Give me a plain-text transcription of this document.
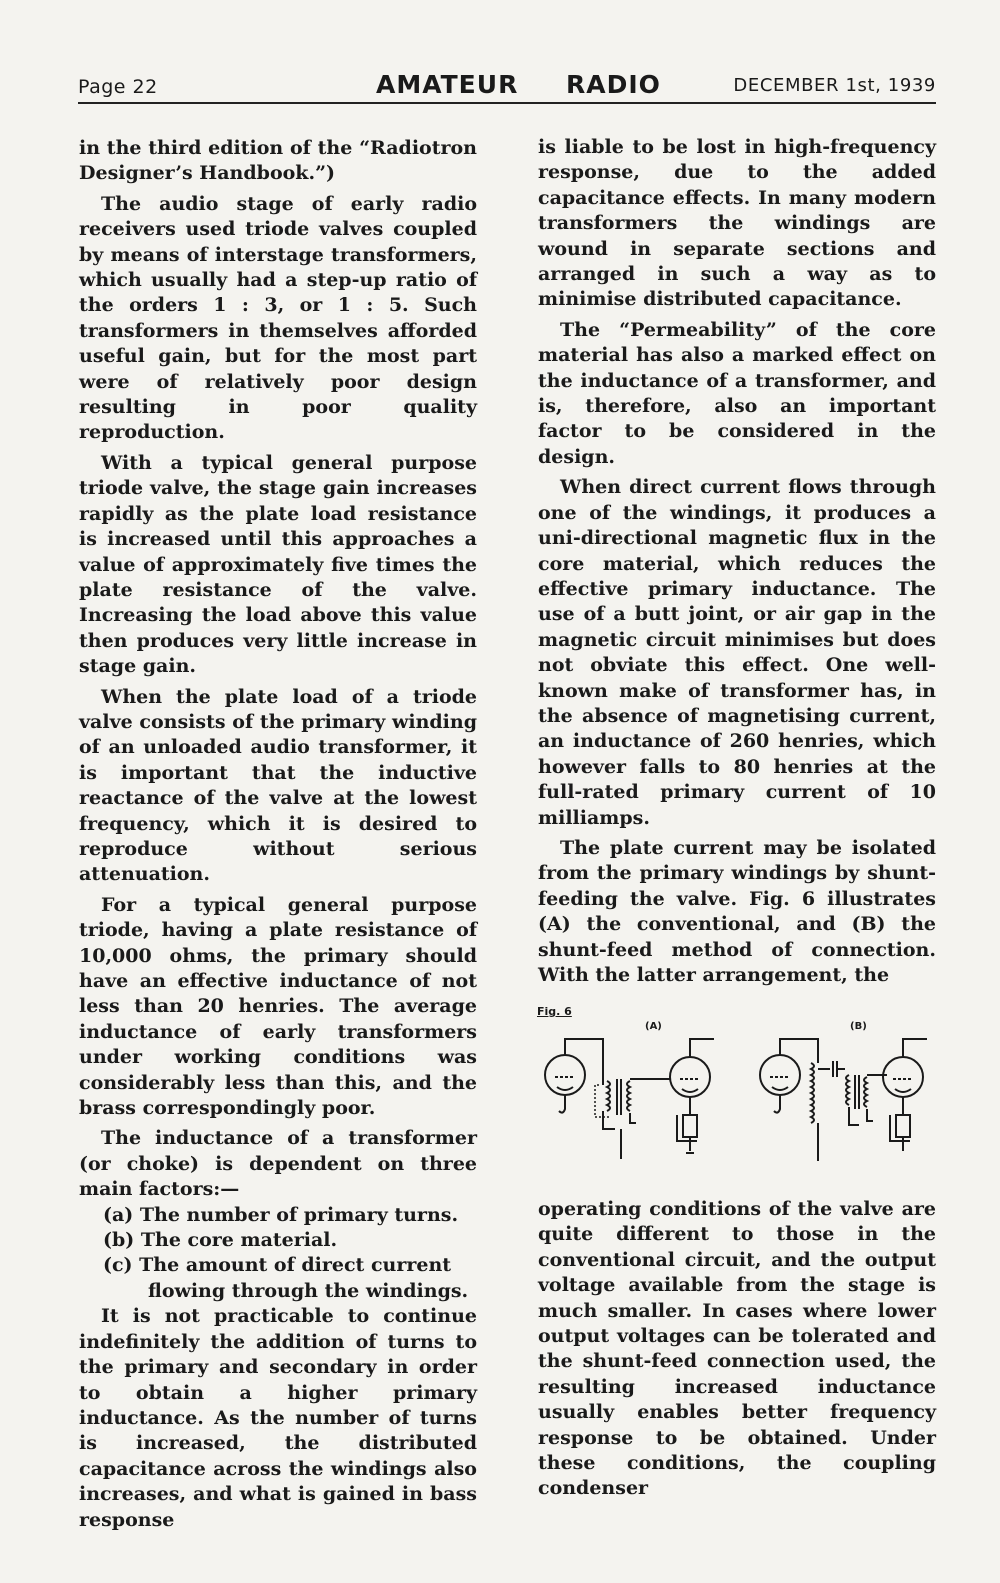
Page 22	AMATEUR RADIO	DECEMBER 1st, 1939

in the third edition of the “Radiotron Designer’s Handbook.”)

The audio stage of early radio receivers used triode valves coupled by means of interstage transformers, which usually had a step-up ratio of the orders 1 : 3, or 1 : 5. Such transformers in themselves afforded useful gain, but for the most part were of relatively poor design resulting in poor quality reproduction.

With a typical general purpose triode valve, the stage gain increases rapidly as the plate load resistance is increased until this approaches a value of approximately five times the plate resistance of the valve. Increasing the load above this value then produces very little increase in stage gain.

When the plate load of a triode valve consists of the primary winding of an unloaded audio transformer, it is important that the inductive reactance of the valve at the lowest frequency, which it is desired to reproduce without serious attenuation.

For a typical general purpose triode, having a plate resistance of 10,000 ohms, the primary should have an effective inductance of not less than 20 henries. The average inductance of early transformers under working conditions was considerably less than this, and the brass correspondingly poor.

The inductance of a transformer (or choke) is dependent on three main factors:—

(a) The number of primary turns.
(b) The core material.
(c) The amount of direct current flowing through the windings.

It is not practicable to continue indefinitely the addition of turns to the primary and secondary in order to obtain a higher primary inductance. As the number of turns is increased, the distributed capacitance across the windings also increases, and what is gained in bass response

is liable to be lost in high-frequency response, due to the added capacitance effects. In many modern transformers the windings are wound in separate sections and arranged in such a way as to minimise distributed capacitance.

The “Permeability” of the core material has also a marked effect on the inductance of a transformer, and is, therefore, also an important factor to be considered in the design.

When direct current flows through one of the windings, it produces a uni-directional magnetic flux in the core material, which reduces the effective primary inductance. The use of a butt joint, or air gap in the magnetic circuit minimises but does not obviate this effect. One well-known make of transformer has, in the absence of magnetising current, an inductance of 260 henries, which however falls to 80 henries at the full-rated primary current of 10 milliamps.

The plate current may be isolated from the primary windings by shunt-feeding the valve. Fig. 6 illustrates (A) the conventional, and (B) the shunt-feed method of connection. With the latter arrangement, the

Fig. 6
(A)	(B)

operating conditions of the valve are quite different to those in the conventional circuit, and the output voltage available from the stage is much smaller. In cases where lower output voltages can be tolerated and the shunt-feed connection used, the resulting increased inductance usually enables better frequency response to be obtained. Under these conditions, the coupling condenser
